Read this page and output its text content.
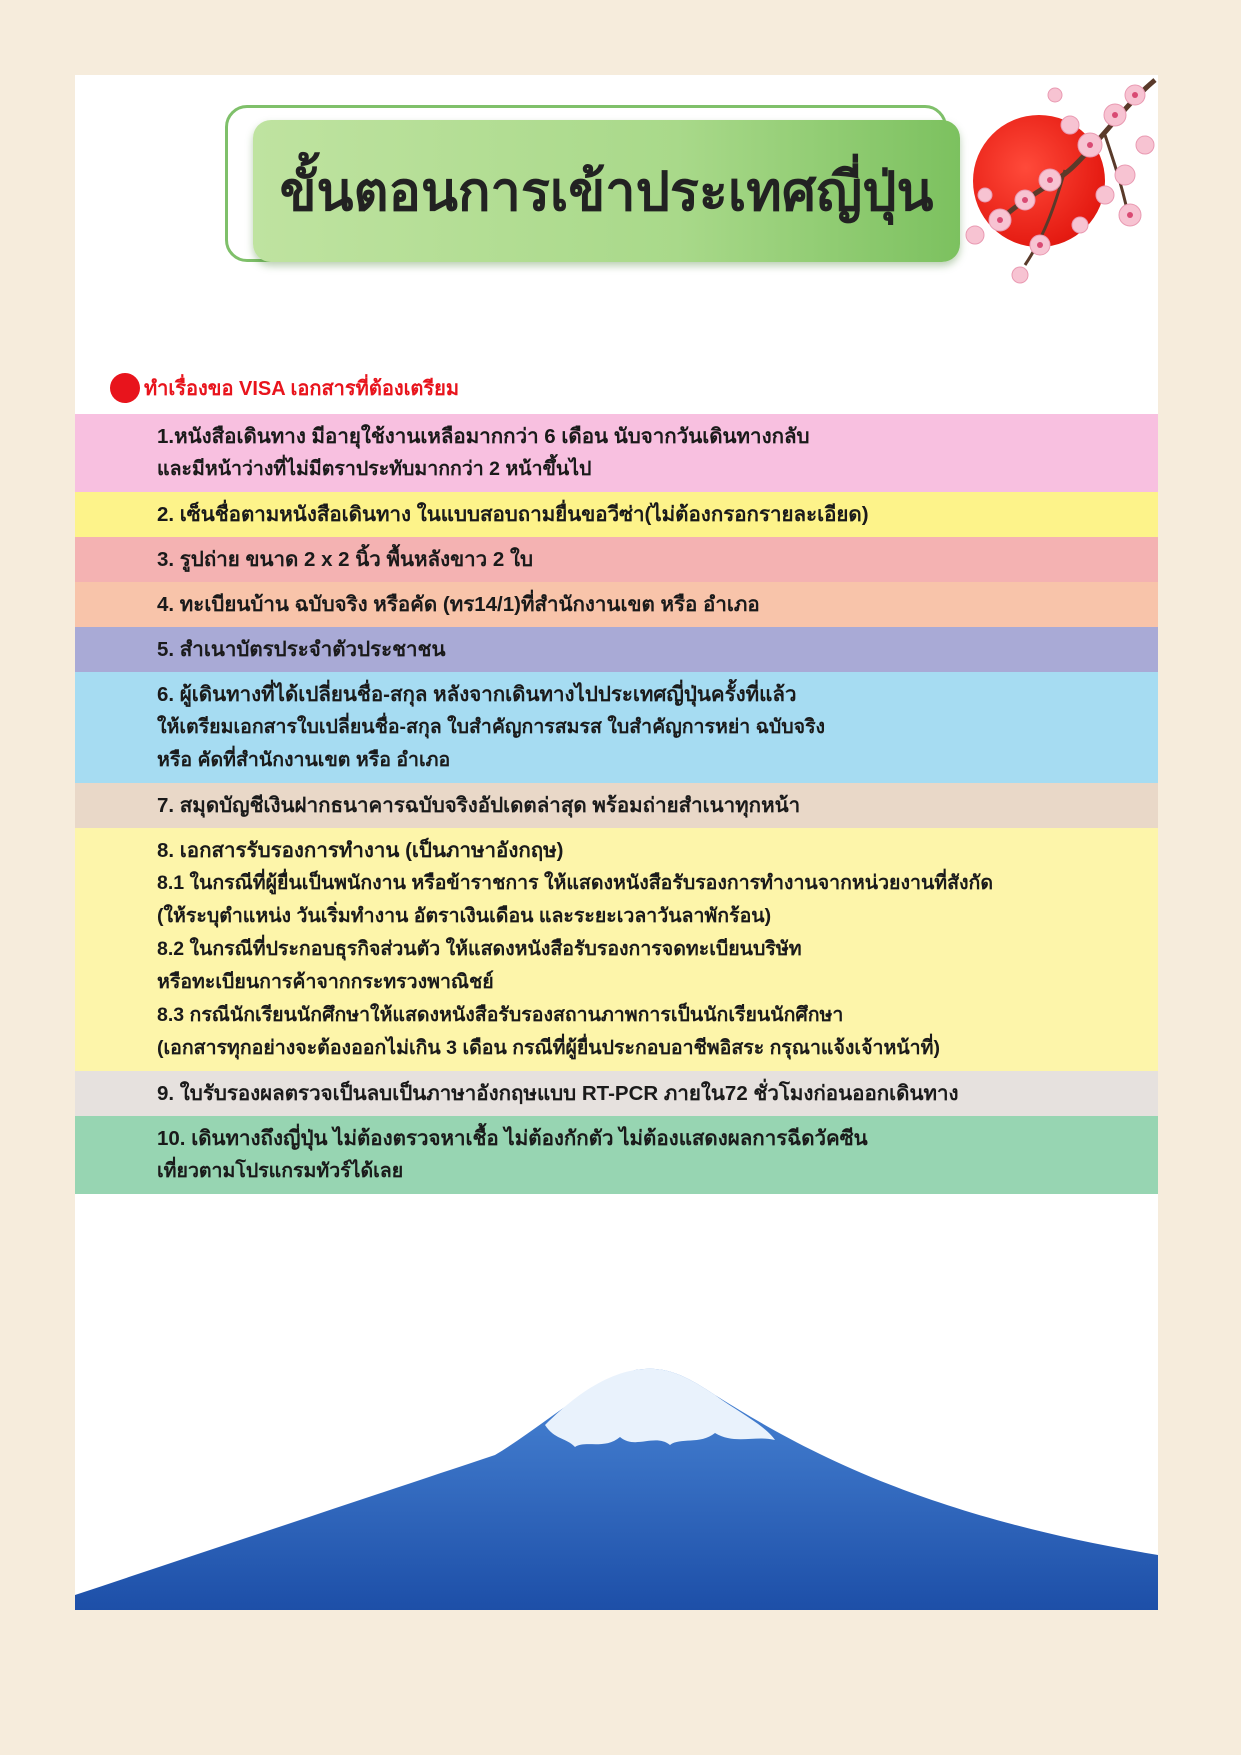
ขั้นตอนการเข้าประเทศญี่ปุ่น
ทำเรื่องขอ VISA เอกสารที่ต้องเตรียม
1.หนังสือเดินทาง มีอายุใช้งานเหลือมากกว่า 6 เดือน นับจากวันเดินทางกลับ
และมีหน้าว่างที่ไม่มีตราประทับมากกว่า 2 หน้าขึ้นไป
2. เซ็นชื่อตามหนังสือเดินทาง ในแบบสอบถามยื่นขอวีซ่า(ไม่ต้องกรอกรายละเอียด)
3. รูปถ่าย ขนาด 2 x 2 นิ้ว พื้นหลังขาว 2 ใบ
4. ทะเบียนบ้าน ฉบับจริง หรือคัด (ทร14/1)ที่สำนักงานเขต หรือ อำเภอ
5. สำเนาบัตรประจำตัวประชาชน
6. ผู้เดินทางที่ได้เปลี่ยนชื่อ-สกุล หลังจากเดินทางไปประเทศญี่ปุ่นครั้งที่แล้ว
ให้เตรียมเอกสารใบเปลี่ยนชื่อ-สกุล ใบสำคัญการสมรส ใบสำคัญการหย่า ฉบับจริง
หรือ คัดที่สำนักงานเขต หรือ อำเภอ
7. สมุดบัญชีเงินฝากธนาคารฉบับจริงอัปเดตล่าสุด พร้อมถ่ายสำเนาทุกหน้า
8. เอกสารรับรองการทำงาน (เป็นภาษาอังกฤษ)
8.1 ในกรณีที่ผู้ยื่นเป็นพนักงาน หรือข้าราชการ ให้แสดงหนังสือรับรองการทำงานจากหน่วยงานที่สังกัด
(ให้ระบุตำแหน่ง วันเริ่มทำงาน อัตราเงินเดือน และระยะเวลาวันลาพักร้อน)
8.2 ในกรณีที่ประกอบธุรกิจส่วนตัว ให้แสดงหนังสือรับรองการจดทะเบียนบริษัท
หรือทะเบียนการค้าจากกระทรวงพาณิชย์
8.3 กรณีนักเรียนนักศึกษาให้แสดงหนังสือรับรองสถานภาพการเป็นนักเรียนนักศึกษา
(เอกสารทุกอย่างจะต้องออกไม่เกิน 3 เดือน กรณีที่ผู้ยื่นประกอบอาชีพอิสระ กรุณาแจ้งเจ้าหน้าที่)
9. ใบรับรองผลตรวจเป็นลบเป็นภาษาอังกฤษแบบ RT-PCR ภายใน72 ชั่วโมงก่อนออกเดินทาง
10. เดินทางถึงญี่ปุ่น ไม่ต้องตรวจหาเชื้อ ไม่ต้องกักตัว ไม่ต้องแสดงผลการฉีดวัคซีน
เที่ยวตามโปรแกรมทัวร์ได้เลย
